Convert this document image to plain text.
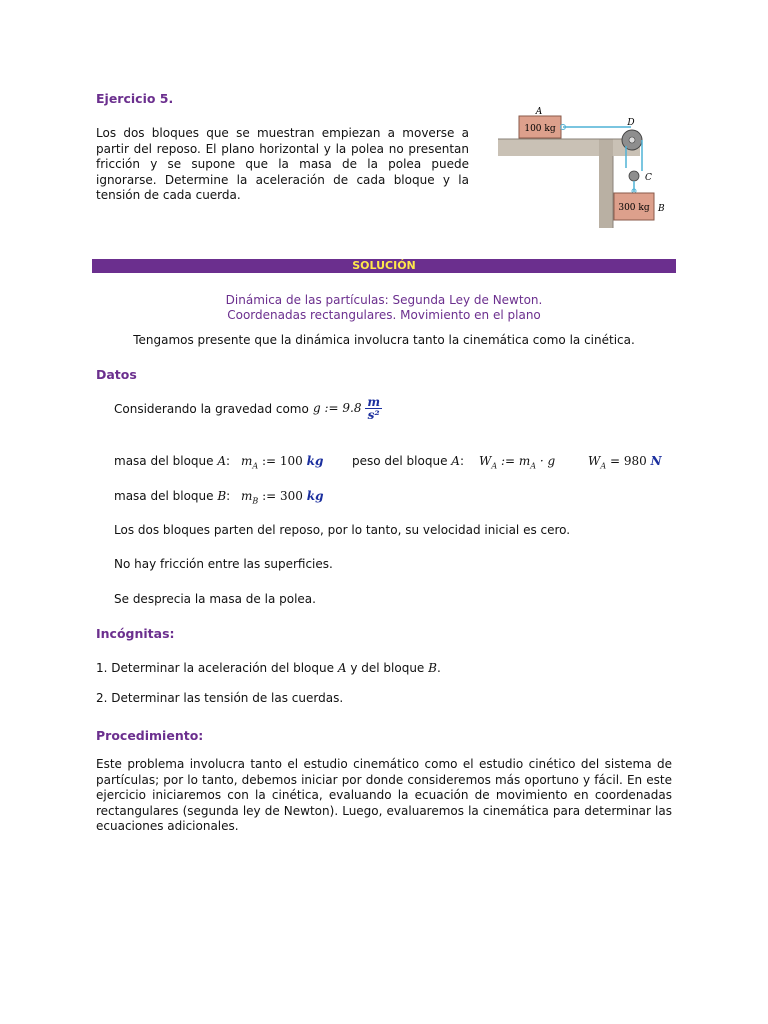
Ejercicio 5.
Los dos bloques que se muestran empiezan a moverse a partir del reposo. El plano horizontal y la polea no presentan fricción y se supone que la masa de la polea puede ignorarse. Determine la aceleración de cada bloque y la tensión de cada cuerda.
100 kg
300 kg
A
D
C
B
SOLUCIÓN
Dinámica de las partículas: Segunda Ley de Newton.
Coordenadas rectangulares. Movimiento en el plano
Tengamos presente que la dinámica involucra tanto la cinemática como la cinética.
Datos
Considerando la gravedad como g := $9.8 \frac{m}{\text{s²}}$
masa del bloque A: $m_A$ := 100 kg peso del bloque A: $W_A$ := $m_A \cdot g$	$W_A = 980$ N
masa del bloque B: $m_B$ := 300 kg
Los dos bloques parten del reposo, por lo tanto, su velocidad inicial es cero.
No hay fricción entre las superficies.
Se desprecia la masa de la polea.
Incógnitas:
1. Determinar la aceleración del bloque A y del bloque B.
2. Determinar las tensión de las cuerdas.
Procedimiento:
Este problema involucra tanto el estudio cinemático como el estudio cinético del sistema de partículas; por lo tanto, debemos iniciar por donde consideremos más oportuno y fácil. En este ejercicio iniciaremos con la cinética, evaluando la ecuación de movimiento en coordenadas rectangulares (segunda ley de Newton). Luego, evaluaremos la cinemática para determinar las ecuaciones adicionales.
